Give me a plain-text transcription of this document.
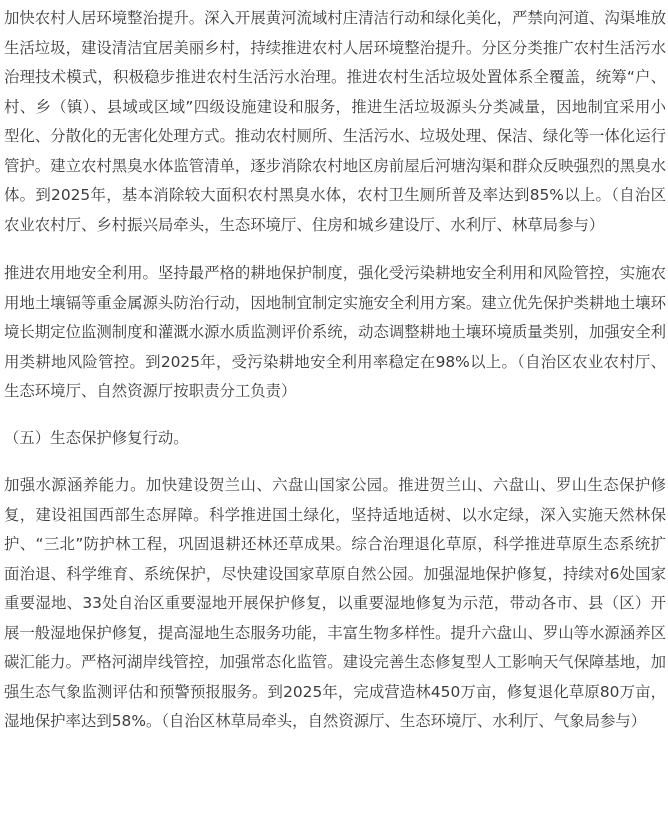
加快农村人居环境整治提升。深入开展黄河流域村庄清洁行动和绿化美化，严禁向河道、沟渠堆放生活垃圾，建设清洁宜居美丽乡村，持续推进农村人居环境整治提升。分区分类推广农村生活污水治理技术模式，积极稳步推进农村生活污水治理。推进农村生活垃圾处置体系全覆盖，统筹“户、村、乡（镇）、县域或区域”四级设施建设和服务，推进生活垃圾源头分类减量，因地制宜采用小型化、分散化的无害化处理方式。推动农村厕所、生活污水、垃圾处理、保洁、绿化等一体化运行管护。建立农村黑臭水体监管清单，逐步消除农村地区房前屋后河塘沟渠和群众反映强烈的黑臭水体。到2025年，基本消除较大面积农村黑臭水体，农村卫生厕所普及率达到85%以上。（自治区农业农村厅、乡村振兴局牵头，生态环境厅、住房和城乡建设厅、水利厅、林草局参与）

推进农用地安全利用。坚持最严格的耕地保护制度，强化受污染耕地安全利用和风险管控，实施农用地土壤镉等重金属源头防治行动，因地制宜制定实施安全利用方案。建立优先保护类耕地土壤环境长期定位监测制度和灌溉水源水质监测评价系统，动态调整耕地土壤环境质量类别，加强安全利用类耕地风险管控。到2025年，受污染耕地安全利用率稳定在98%以上。（自治区农业农村厅、生态环境厅、自然资源厅按职责分工负责）

（五）生态保护修复行动。

加强水源涵养能力。加快建设贺兰山、六盘山国家公园。推进贺兰山、六盘山、罗山生态保护修复，建设祖国西部生态屏障。科学推进国土绿化，坚持适地适树、以水定绿，深入实施天然林保护、“三北”防护林工程，巩固退耕还林还草成果。综合治理退化草原，科学推进草原生态系统扩面治退、科学维育、系统保护，尽快建设国家草原自然公园。加强湿地保护修复，持续对6处国家重要湿地、33处自治区重要湿地开展保护修复，以重要湿地修复为示范，带动各市、县（区）开展一般湿地保护修复，提高湿地生态服务功能，丰富生物多样性。提升六盘山、罗山等水源涵养区碳汇能力。严格河湖岸线管控，加强常态化监管。建设完善生态修复型人工影响天气保障基地，加强生态气象监测评估和预警预报服务。到2025年，完成营造林450万亩，修复退化草原80万亩，湿地保护率达到58%。（自治区林草局牵头，自然资源厅、生态环境厅、水利厅、气象局参与）
